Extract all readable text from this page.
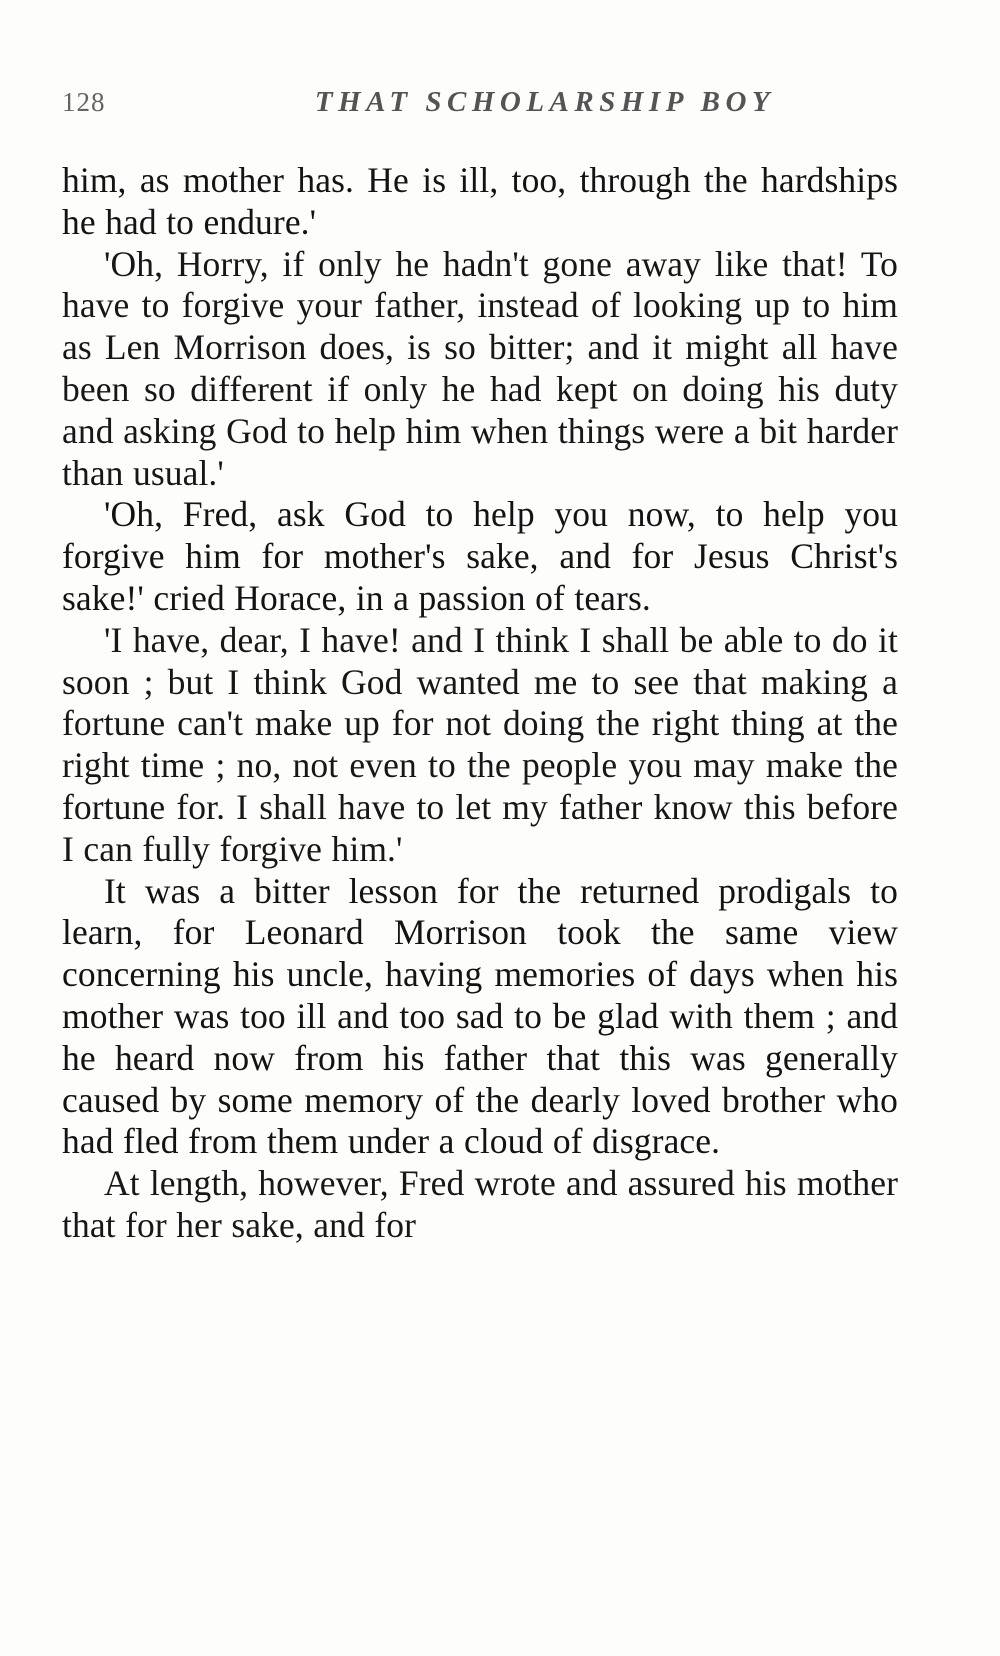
128	THAT SCHOLARSHIP BOY

him, as mother has. He is ill, too, through the hardships he had to endure.'

'Oh, Horry, if only he hadn't gone away like that! To have to forgive your father, instead of looking up to him as Len Morrison does, is so bitter; and it might all have been so different if only he had kept on doing his duty and asking God to help him when things were a bit harder than usual.'

'Oh, Fred, ask God to help you now, to help you forgive him for mother's sake, and for Jesus Christ's sake!' cried Horace, in a passion of tears.

'I have, dear, I have! and I think I shall be able to do it soon ; but I think God wanted me to see that making a fortune can't make up for not doing the right thing at the right time ; no, not even to the people you may make the fortune for. I shall have to let my father know this before I can fully forgive him.'

It was a bitter lesson for the returned prodigals to learn, for Leonard Morrison took the same view concerning his uncle, having memories of days when his mother was too ill and too sad to be glad with them ; and he heard now from his father that this was generally caused by some memory of the dearly loved brother who had fled from them under a cloud of disgrace.

At length, however, Fred wrote and assured his mother that for her sake, and for
